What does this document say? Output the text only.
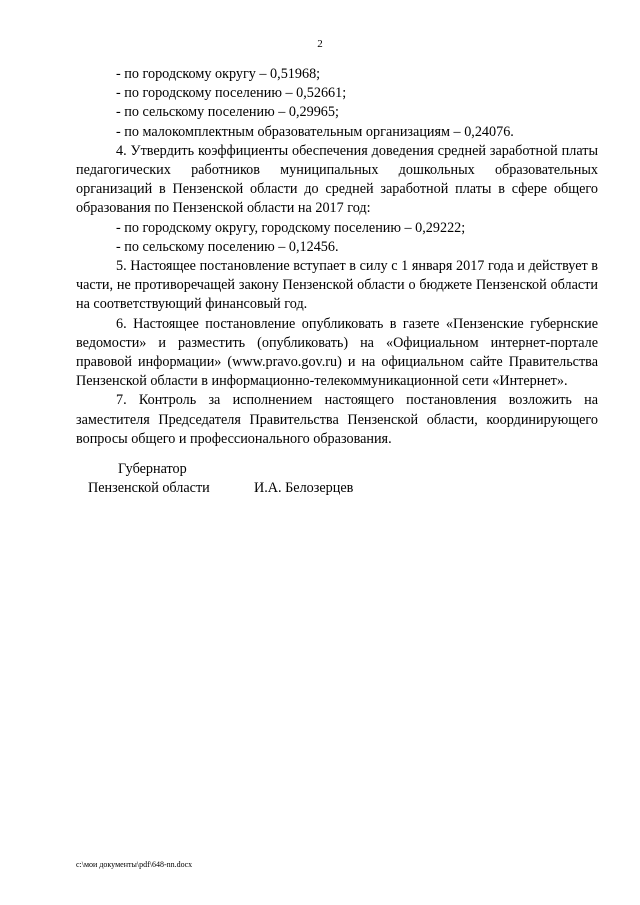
2

- по городскому округу – 0,51968;

- по городскому поселению – 0,52661;

- по сельскому поселению – 0,29965;

- по малокомплектным образовательным организациям – 0,24076.

4. Утвердить коэффициенты обеспечения доведения средней заработной платы педагогических работников муниципальных дошкольных образовательных организаций в Пензенской области до средней заработной платы в сфере общего образования по Пензенской области на 2017 год:

- по городскому округу, городскому поселению – 0,29222;

- по сельскому поселению – 0,12456.

5. Настоящее постановление вступает в силу с 1 января 2017 года и действует в части, не противоречащей закону Пензенской области о бюджете Пензенской области на соответствующий финансовый год.

6. Настоящее постановление опубликовать в газете «Пензенские губернские ведомости» и разместить (опубликовать) на «Официальном интернет-портале правовой информации» (www.pravo.gov.ru) и на официальном сайте Правительства Пензенской области в информационно-телекоммуникационной сети «Интернет».

7. Контроль за исполнением настоящего постановления возложить на заместителя Председателя Правительства Пензенской области, координирующего вопросы общего и профессионального образования.

Губернатор
Пензенской области	И.А. Белозерцев
c:\мои документы\pdf\648-nn.docx
